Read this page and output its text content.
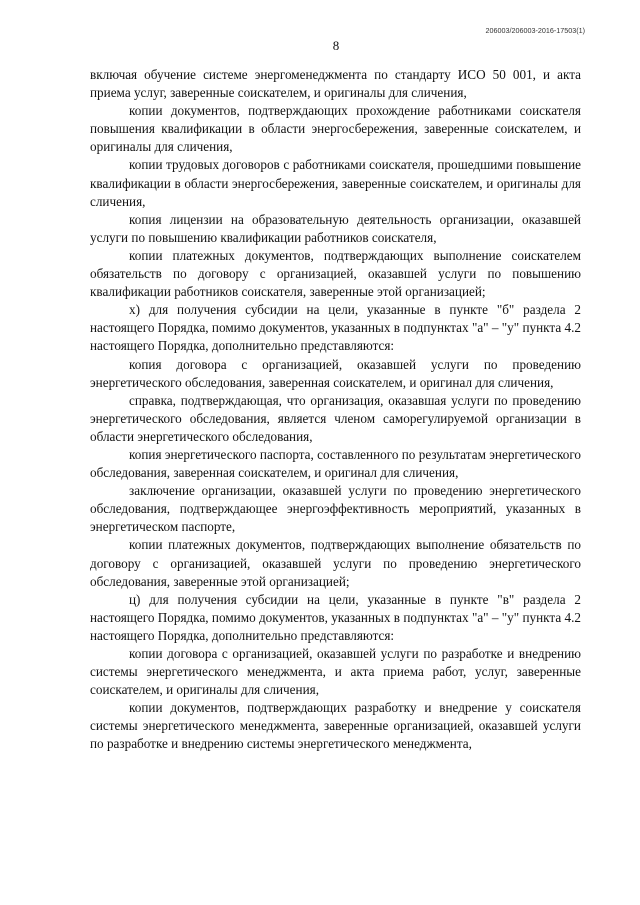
206003/206003-2016-17503(1)
8

включая обучение системе энергоменеджмента по стандарту ИСО 50 001, и акта приема услуг, заверенные соискателем, и оригиналы для сличения,

копии документов, подтверждающих прохождение работниками соискателя повышения квалификации в области энергосбережения, заверенные соискателем, и оригиналы для сличения,

копии трудовых договоров с работниками соискателя, прошедшими повышение квалификации в области энергосбережения, заверенные соискателем, и оригиналы для сличения,

копия лицензии на образовательную деятельность организации, оказавшей услуги по повышению квалификации работников соискателя,

копии платежных документов, подтверждающих выполнение соискателем обязательств по договору с организацией, оказавшей услуги по повышению квалификации работников соискателя, заверенные этой организацией;

х) для получения субсидии на цели, указанные в пункте "б" раздела 2 настоящего Порядка, помимо документов, указанных в подпунктах "а" – "у" пункта 4.2 настоящего Порядка, дополнительно представляются:

копия договора с организацией, оказавшей услуги по проведению энергетического обследования, заверенная соискателем, и оригинал для сличения,

справка, подтверждающая, что организация, оказавшая услуги по проведению энергетического обследования, является членом саморегулируемой организации в области энергетического обследования,

копия энергетического паспорта, составленного по результатам энергетического обследования, заверенная соискателем, и оригинал для сличения,

заключение организации, оказавшей услуги по проведению энергетического обследования, подтверждающее энергоэффективность мероприятий, указанных в энергетическом паспорте,

копии платежных документов, подтверждающих выполнение обязательств по договору с организацией, оказавшей услуги по проведению энергетического обследования, заверенные этой организацией;

ц) для получения субсидии на цели, указанные в пункте "в" раздела 2 настоящего Порядка, помимо документов, указанных в подпунктах "а" – "у" пункта 4.2 настоящего Порядка, дополнительно представляются:

копии договора с организацией, оказавшей услуги по разработке и внедрению системы энергетического менеджмента, и акта приема работ, услуг, заверенные соискателем, и оригиналы для сличения,

копии документов, подтверждающих разработку и внедрение у соискателя системы энергетического менеджмента, заверенные организацией, оказавшей услуги по разработке и внедрению системы энергетического менеджмента,
